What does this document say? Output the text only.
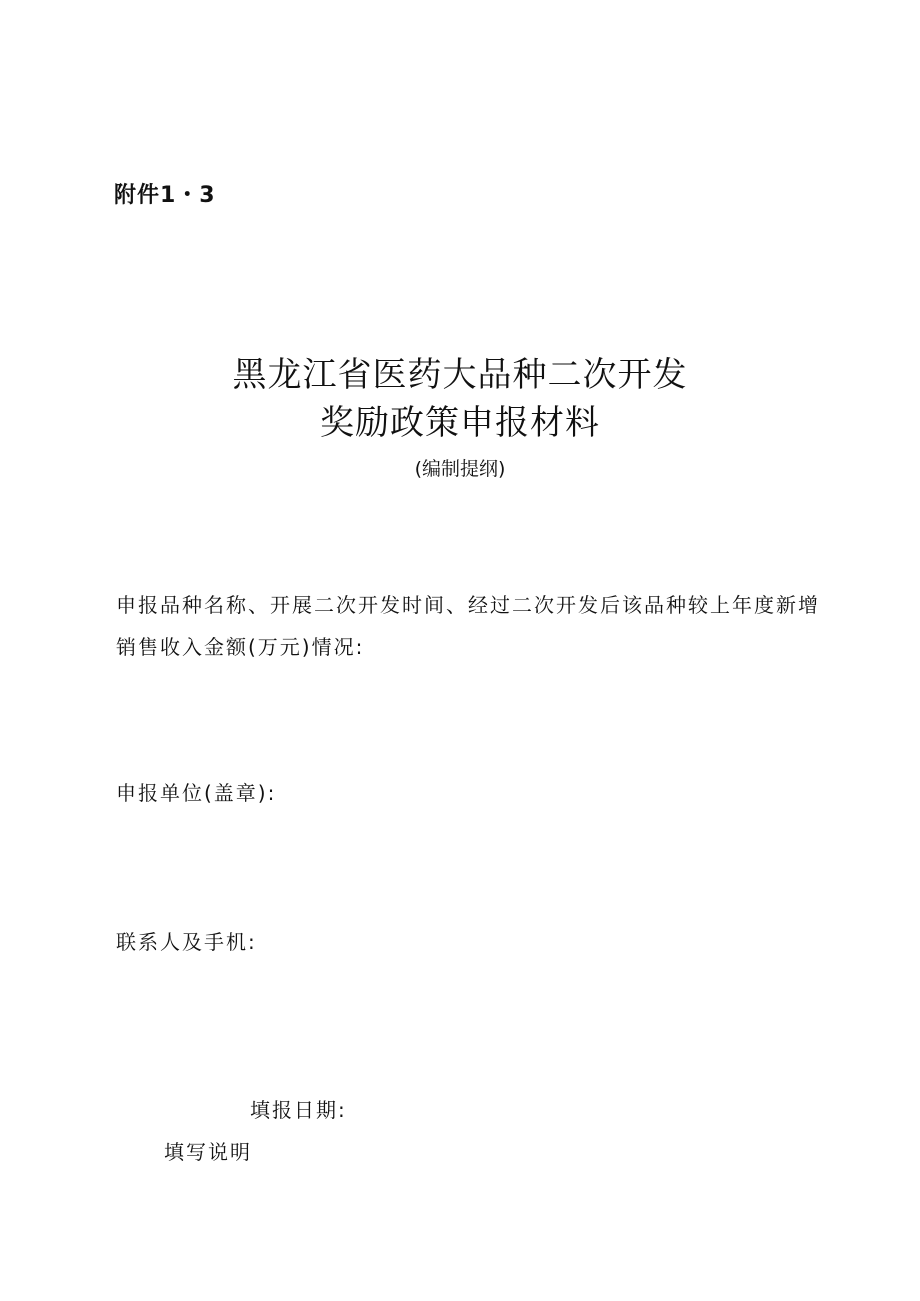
附件1・3
黑龙江省医药大品种二次开发
奖励政策申报材料
(编制提纲)
申报品种名称、开展二次开发时间、经过二次开发后该品种较上年度新增
销售收入金额(万元)情况:
申报单位(盖章):
联系人及手机:
填报日期:
填写说明
